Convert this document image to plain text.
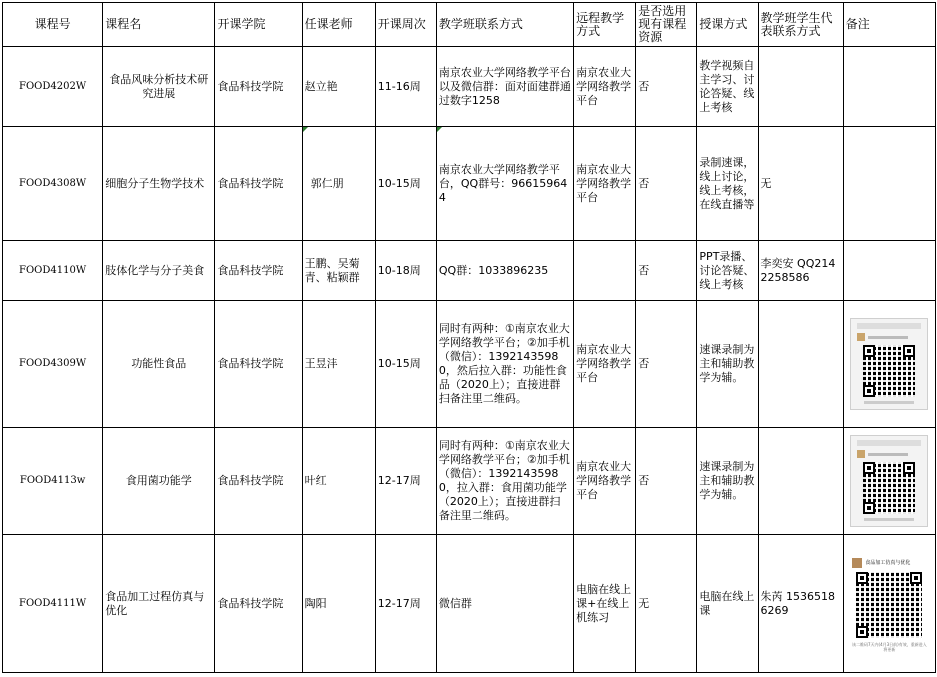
课程号	课程名	开课学院	任课老师	开课周次	教学班联系方式	远程教学方式	是否选用现有课程资源	授课方式	教学班学生代表联系方式	备注
FOOD4202W	食品风味分析技术研究进展	食品科技学院	赵立艳	11-16周	南京农业大学网络教学平台以及微信群：面对面建群通过数字1258	南京农业大学网络教学平台	否	教学视频自主学习、讨论答疑、线上考核		
FOOD4308W	细胞分子生物学技术	食品科技学院	郭仁朋	10-15周	南京农业大学网络教学平台，QQ群号：966159644	南京农业大学网络教学平台	否	录制速课，线上讨论，线上考核，在线直播等	无	
FOOD4110W	肢体化学与分子美食	食品科技学院	王鹏、吴菊青、粘颖群	10-18周	QQ群：1033896235		否	PPT录播、讨论答疑、线上考核	李奕安 QQ2142258586	
FOOD4309W	功能性食品	食品科技学院	王昱沣	10-15周	同时有两种：①南京农业大学网络教学平台；②加手机（微信）：13921435980，然后拉入群：功能性食品（2020上）；直接进群扫备注里二维码。	南京农业大学网络教学平台	否	速课录制为主和辅助教学为辅。		

FOOD4113w	食用菌功能学	食品科技学院	叶红	12-17周	同时有两种：①南京农业大学网络教学平台；②加手机（微信）：13921435980，拉入群：食用菌功能学（2020上）；直接进群扫备注里二维码。	南京农业大学网络教学平台	否	速课录制为主和辅助教学为辅。		

FOOD4111W	食品加工过程仿真与优化	食品科技学院	陶阳	12-17周	微信群	电脑在线上课+在线上机练习	无	电脑在线上课	朱芮 15365186269	食品加工仿真与优化
该二维码7天内(4月3日前)有效，重新进入将更新
